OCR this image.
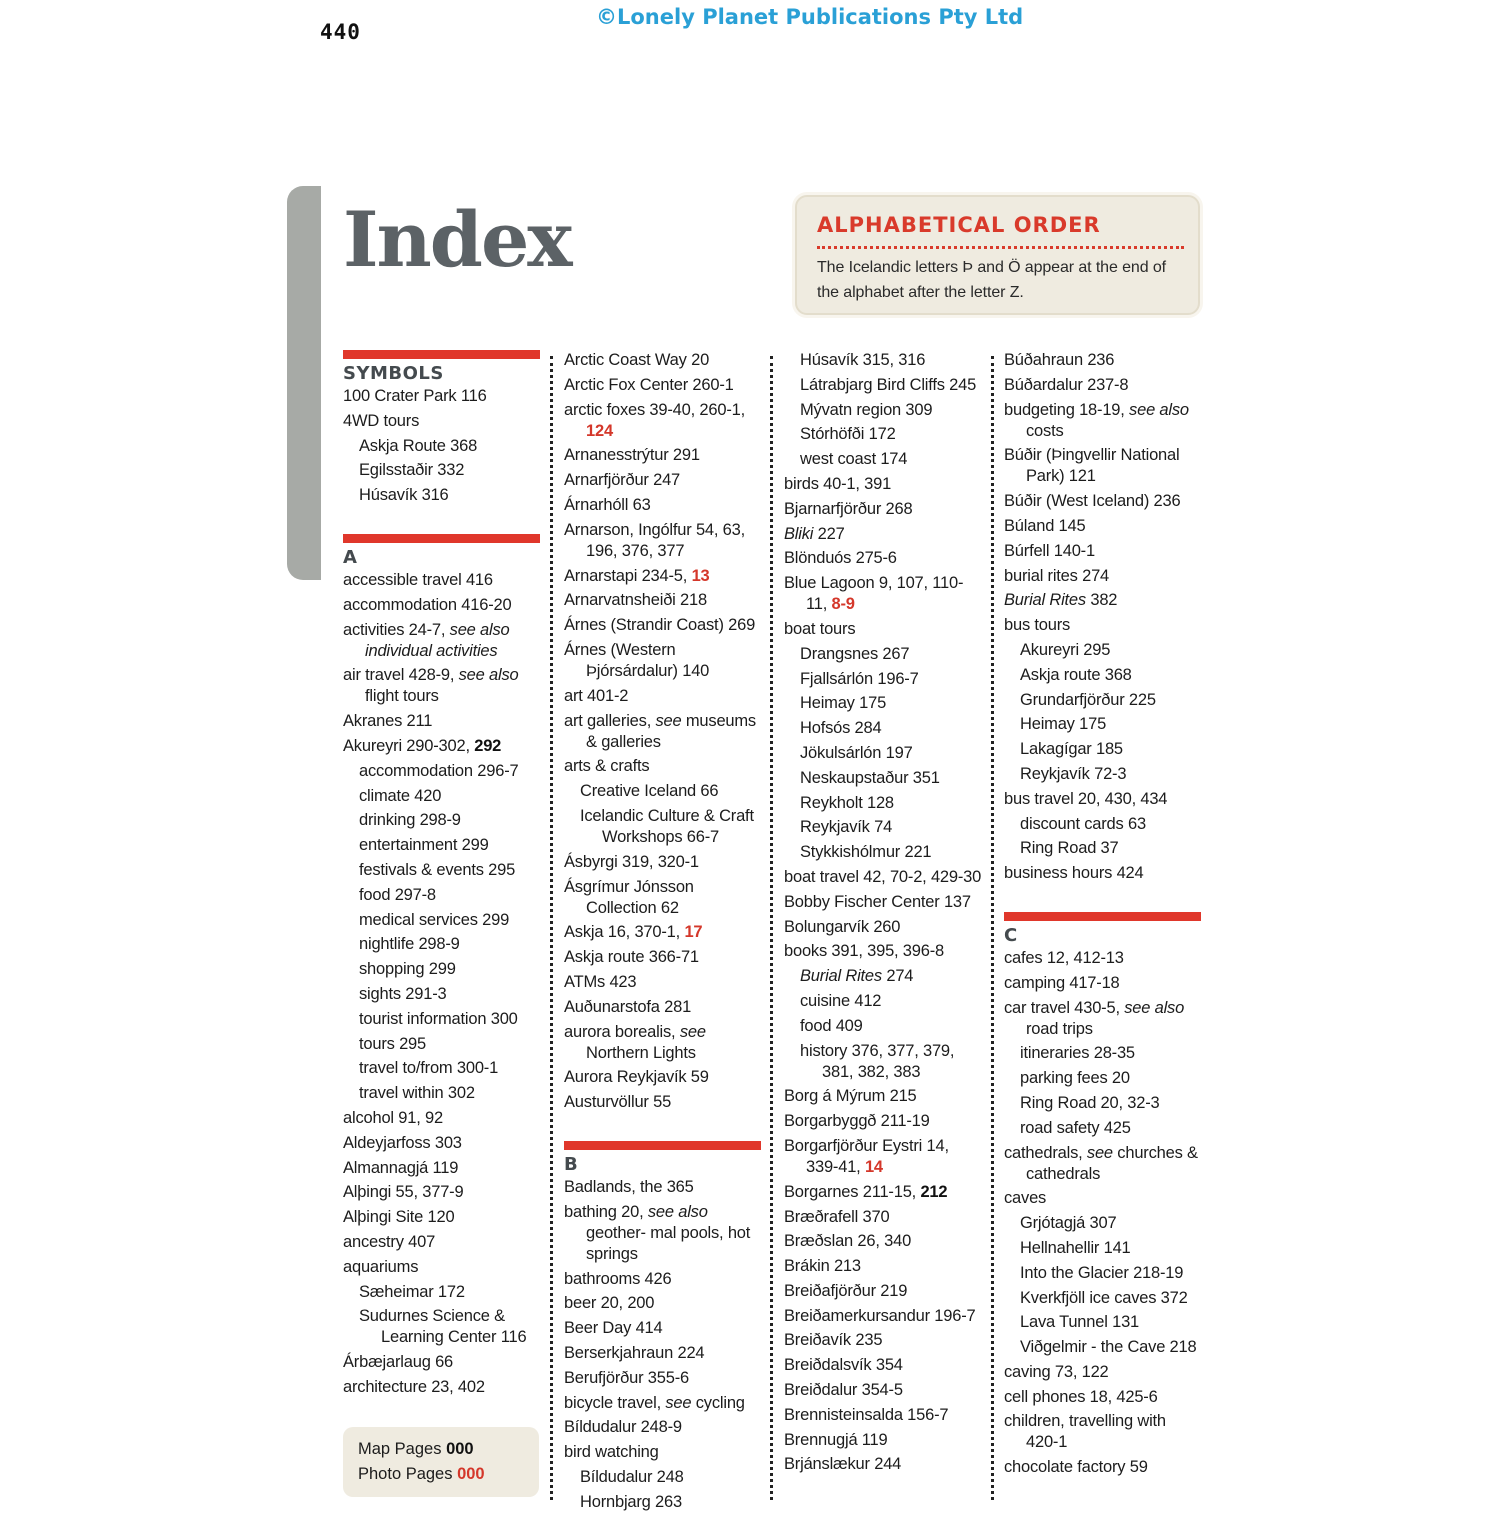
440
©Lonely Planet Publications Pty Ltd
Index	ALPHABETICAL ORDER
The Icelandic letters Þ and Ö appear at the end of the alphabet after the letter Z.
SYMBOLS
100 Crater Park 116
4WD tours
Askja Route 368
Egilsstaðir 332
Húsavík 316
A
accessible travel 416
accommodation 416-20
activities 24-7, see also individual activities
air travel 428-9, see also flight tours
Akranes 211
Akureyri 290-302, 292
accommodation 296-7
climate 420
drinking 298-9
entertainment 299
festivals & events 295
food 297-8
medical services 299
nightlife 298-9
shopping 299
sights 291-3
tourist information 300
tours 295
travel to/from 300-1
travel within 302
alcohol 91, 92
Aldeyjarfoss 303
Almannagjá 119
Alþingi 55, 377-9
Alþingi Site 120
ancestry 407
aquariums
Sæheimar 172
Sudurnes Science & Learning Center 116
Árbæjarlaug 66
architecture 23, 402
Arctic Coast Way 20
Arctic Fox Center 260-1
arctic foxes 39-40, 260-1, 124
Arnanesstrýtur 291
Arnarfjörður 247
Árnarhóll 63
Arnarson, Ingólfur 54, 63, 196, 376, 377
Arnarstapi 234-5, 13
Arnarvatnsheiði 218
Árnes (Strandir Coast) 269
Árnes (Western Þjórsárdalur) 140
art 401-2
art galleries, see museums & galleries
arts & crafts
Creative Iceland 66
Icelandic Culture & Craft Workshops 66-7
Ásbyrgi 319, 320-1
Ásgrímur Jónsson Collection 62
Askja 16, 370-1, 17
Askja route 366-71
ATMs 423
Auðunarstofa 281
aurora borealis, see Northern Lights
Aurora Reykjavík 59
Austurvöllur 55
B
Badlands, the 365
bathing 20, see also geother- mal pools, hot springs
bathrooms 426
beer 20, 200
Beer Day 414
Berserkjahraun 224
Berufjörður 355-6
bicycle travel, see cycling
Bíldudalur 248-9
bird watching
Bíldudalur 248
Hornbjarg 263
Húsavík 315, 316
Látrabjarg Bird Cliffs 245
Mývatn region 309
Stórhöfði 172
west coast 174
birds 40-1, 391
Bjarnarfjörður 268
Bliki 227
Blönduós 275-6
Blue Lagoon 9, 107, 110-11, 8-9
boat tours
Drangsnes 267
Fjallsárlón 196-7
Heimay 175
Hofsós 284
Jökulsárlón 197
Neskaupstaður 351
Reykholt 128
Reykjavík 74
Stykkishólmur 221
boat travel 42, 70-2, 429-30
Bobby Fischer Center 137
Bolungarvík 260
books 391, 395, 396-8
Burial Rites 274
cuisine 412
food 409
history 376, 377, 379, 381, 382, 383
Borg á Mýrum 215
Borgarbyggð 211-19
Borgarfjörður Eystri 14, 339-41, 14
Borgarnes 211-15, 212
Bræðrafell 370
Bræðslan 26, 340
Brákin 213
Breiðafjörður 219
Breiðamerkursandur 196-7
Breiðavík 235
Breiðdalsvík 354
Breiðdalur 354-5
Brennisteinsalda 156-7
Brennugjá 119
Brjánslækur 244
Búðahraun 236
Búðardalur 237-8
budgeting 18-19, see also costs
Búðir (Þingvellir National Park) 121
Búðir (West Iceland) 236
Búland 145
Búrfell 140-1
burial rites 274
Burial Rites 382
bus tours
Akureyri 295
Askja route 368
Grundarfjörður 225
Heimay 175
Lakagígar 185
Reykjavík 72-3
bus travel 20, 430, 434
discount cards 63
Ring Road 37
business hours 424
C
cafes 12, 412-13
camping 417-18
car travel 430-5, see also road trips
itineraries 28-35
parking fees 20
Ring Road 20, 32-3
road safety 425
cathedrals, see churches & cathedrals
caves
Grjótagjá 307
Hellnahellir 141
Into the Glacier 218-19
Kverkfjöll ice caves 372
Lava Tunnel 131
Viðgelmir - the Cave 218
caving 73, 122
cell phones 18, 425-6
children, travelling with 420-1
chocolate factory 59
Map Pages 000
Photo Pages 000
